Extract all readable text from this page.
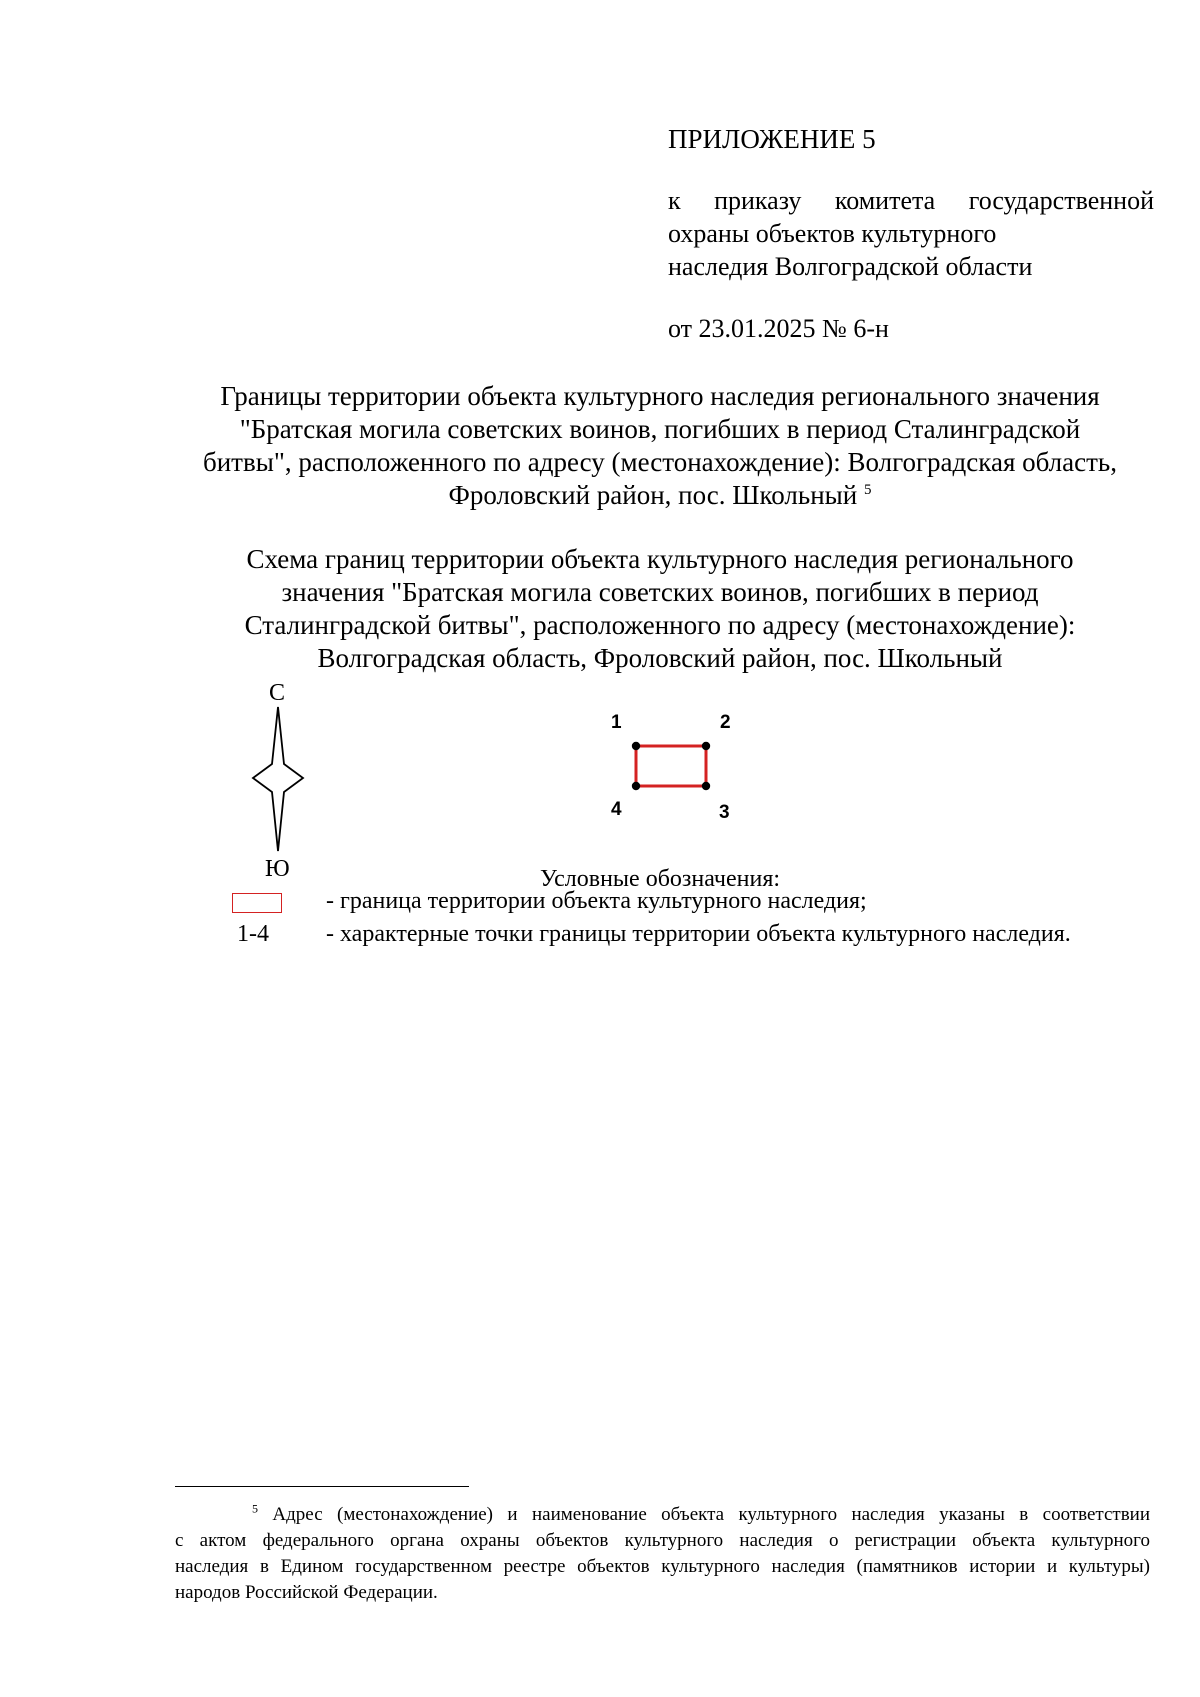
ПРИЛОЖЕНИЕ 5
к приказу комитета государственной
охраны объектов культурного
наследия Волгоградской области
от 23.01.2025 № 6-н
Границы территории объекта культурного наследия регионального значения
"Братская могила советских воинов, погибших в период Сталинградской
битвы", расположенного по адресу (местонахождение): Волгоградская область,
Фроловский район, пос. Школьный $^5$
Схема границ территории объекта культурного наследия регионального
значения "Братская могила советских воинов, погибших в период
Сталинградской битвы", расположенного по адресу (местонахождение):
Волгоградская область, Фроловский район, пос. Школьный
С
Ю
1	2
3
4
Условные обозначения:
- граница территории объекта культурного наследия;
1-4 - характерные точки границы территории объекта культурного наследия.
$^5$ Адрес (местонахождение) и наименование объекта культурного наследия указаны в соответствии
с актом федерального органа охраны объектов культурного наследия о регистрации объекта культурного
наследия в Едином государственном реестре объектов культурного наследия (памятников истории и культуры)
народов Российской Федерации.
